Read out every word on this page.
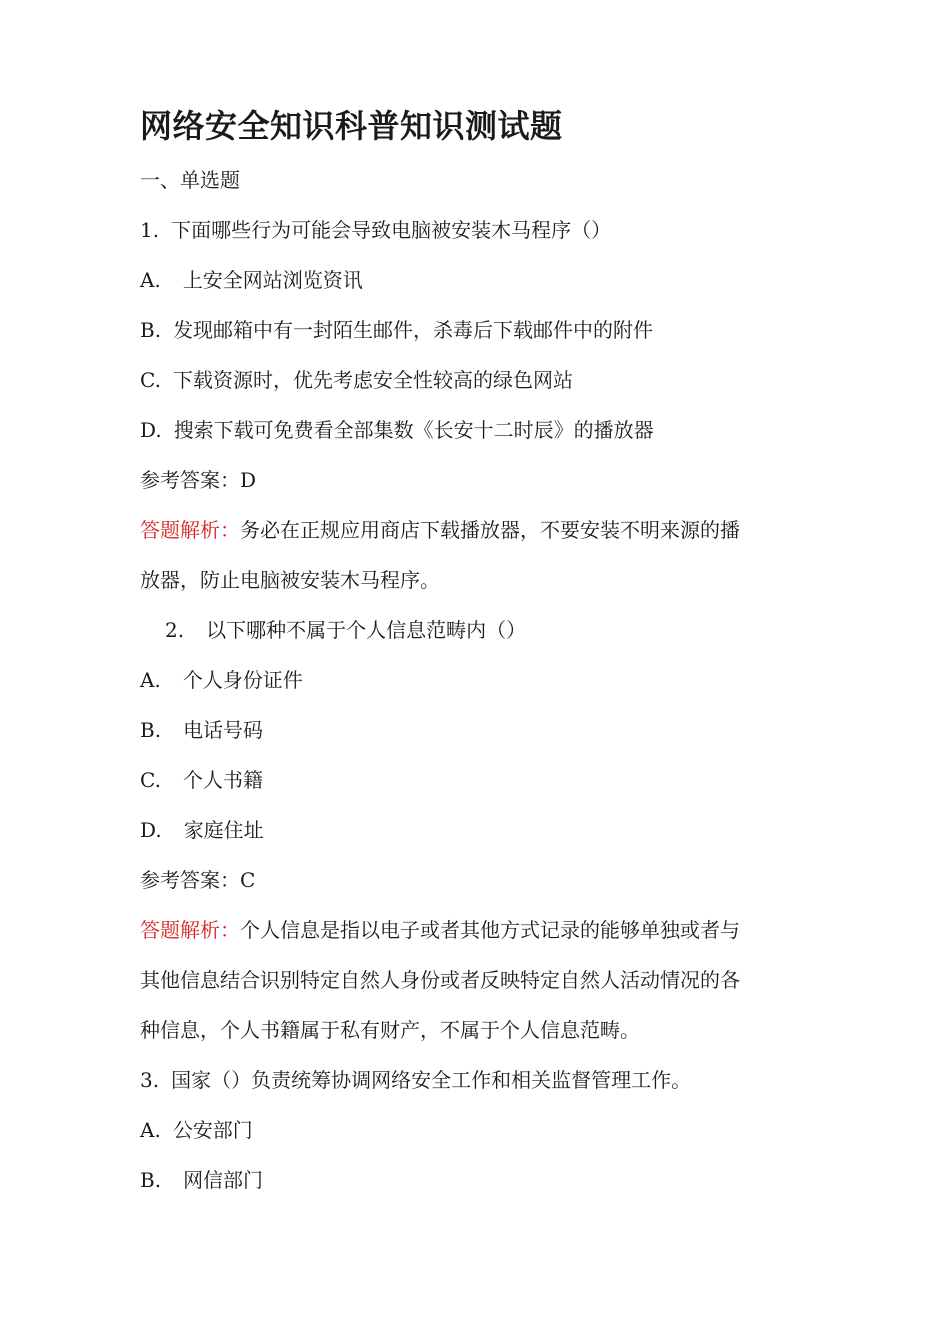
网络安全知识科普知识测试题
一、单选题
1. 下面哪些行为可能会导致电脑被安装木马程序（）
A. 上安全网站浏览资讯
B. 发现邮箱中有一封陌生邮件，杀毒后下载邮件中的附件
C. 下载资源时，优先考虑安全性较高的绿色网站
D. 搜索下载可免费看全部集数《长安十二时辰》的播放器
参考答案：D
答题解析：务必在正规应用商店下载播放器，不要安装不明来源的播
放器，防止电脑被安装木马程序。
2. 以下哪种不属于个人信息范畴内（）
A. 个人身份证件
B. 电话号码
C. 个人书籍
D. 家庭住址
参考答案：C
答题解析：个人信息是指以电子或者其他方式记录的能够单独或者与
其他信息结合识别特定自然人身份或者反映特定自然人活动情况的各
种信息，个人书籍属于私有财产，不属于个人信息范畴。
3. 国家（）负责统筹协调网络安全工作和相关监督管理工作。
A. 公安部门
B. 网信部门
